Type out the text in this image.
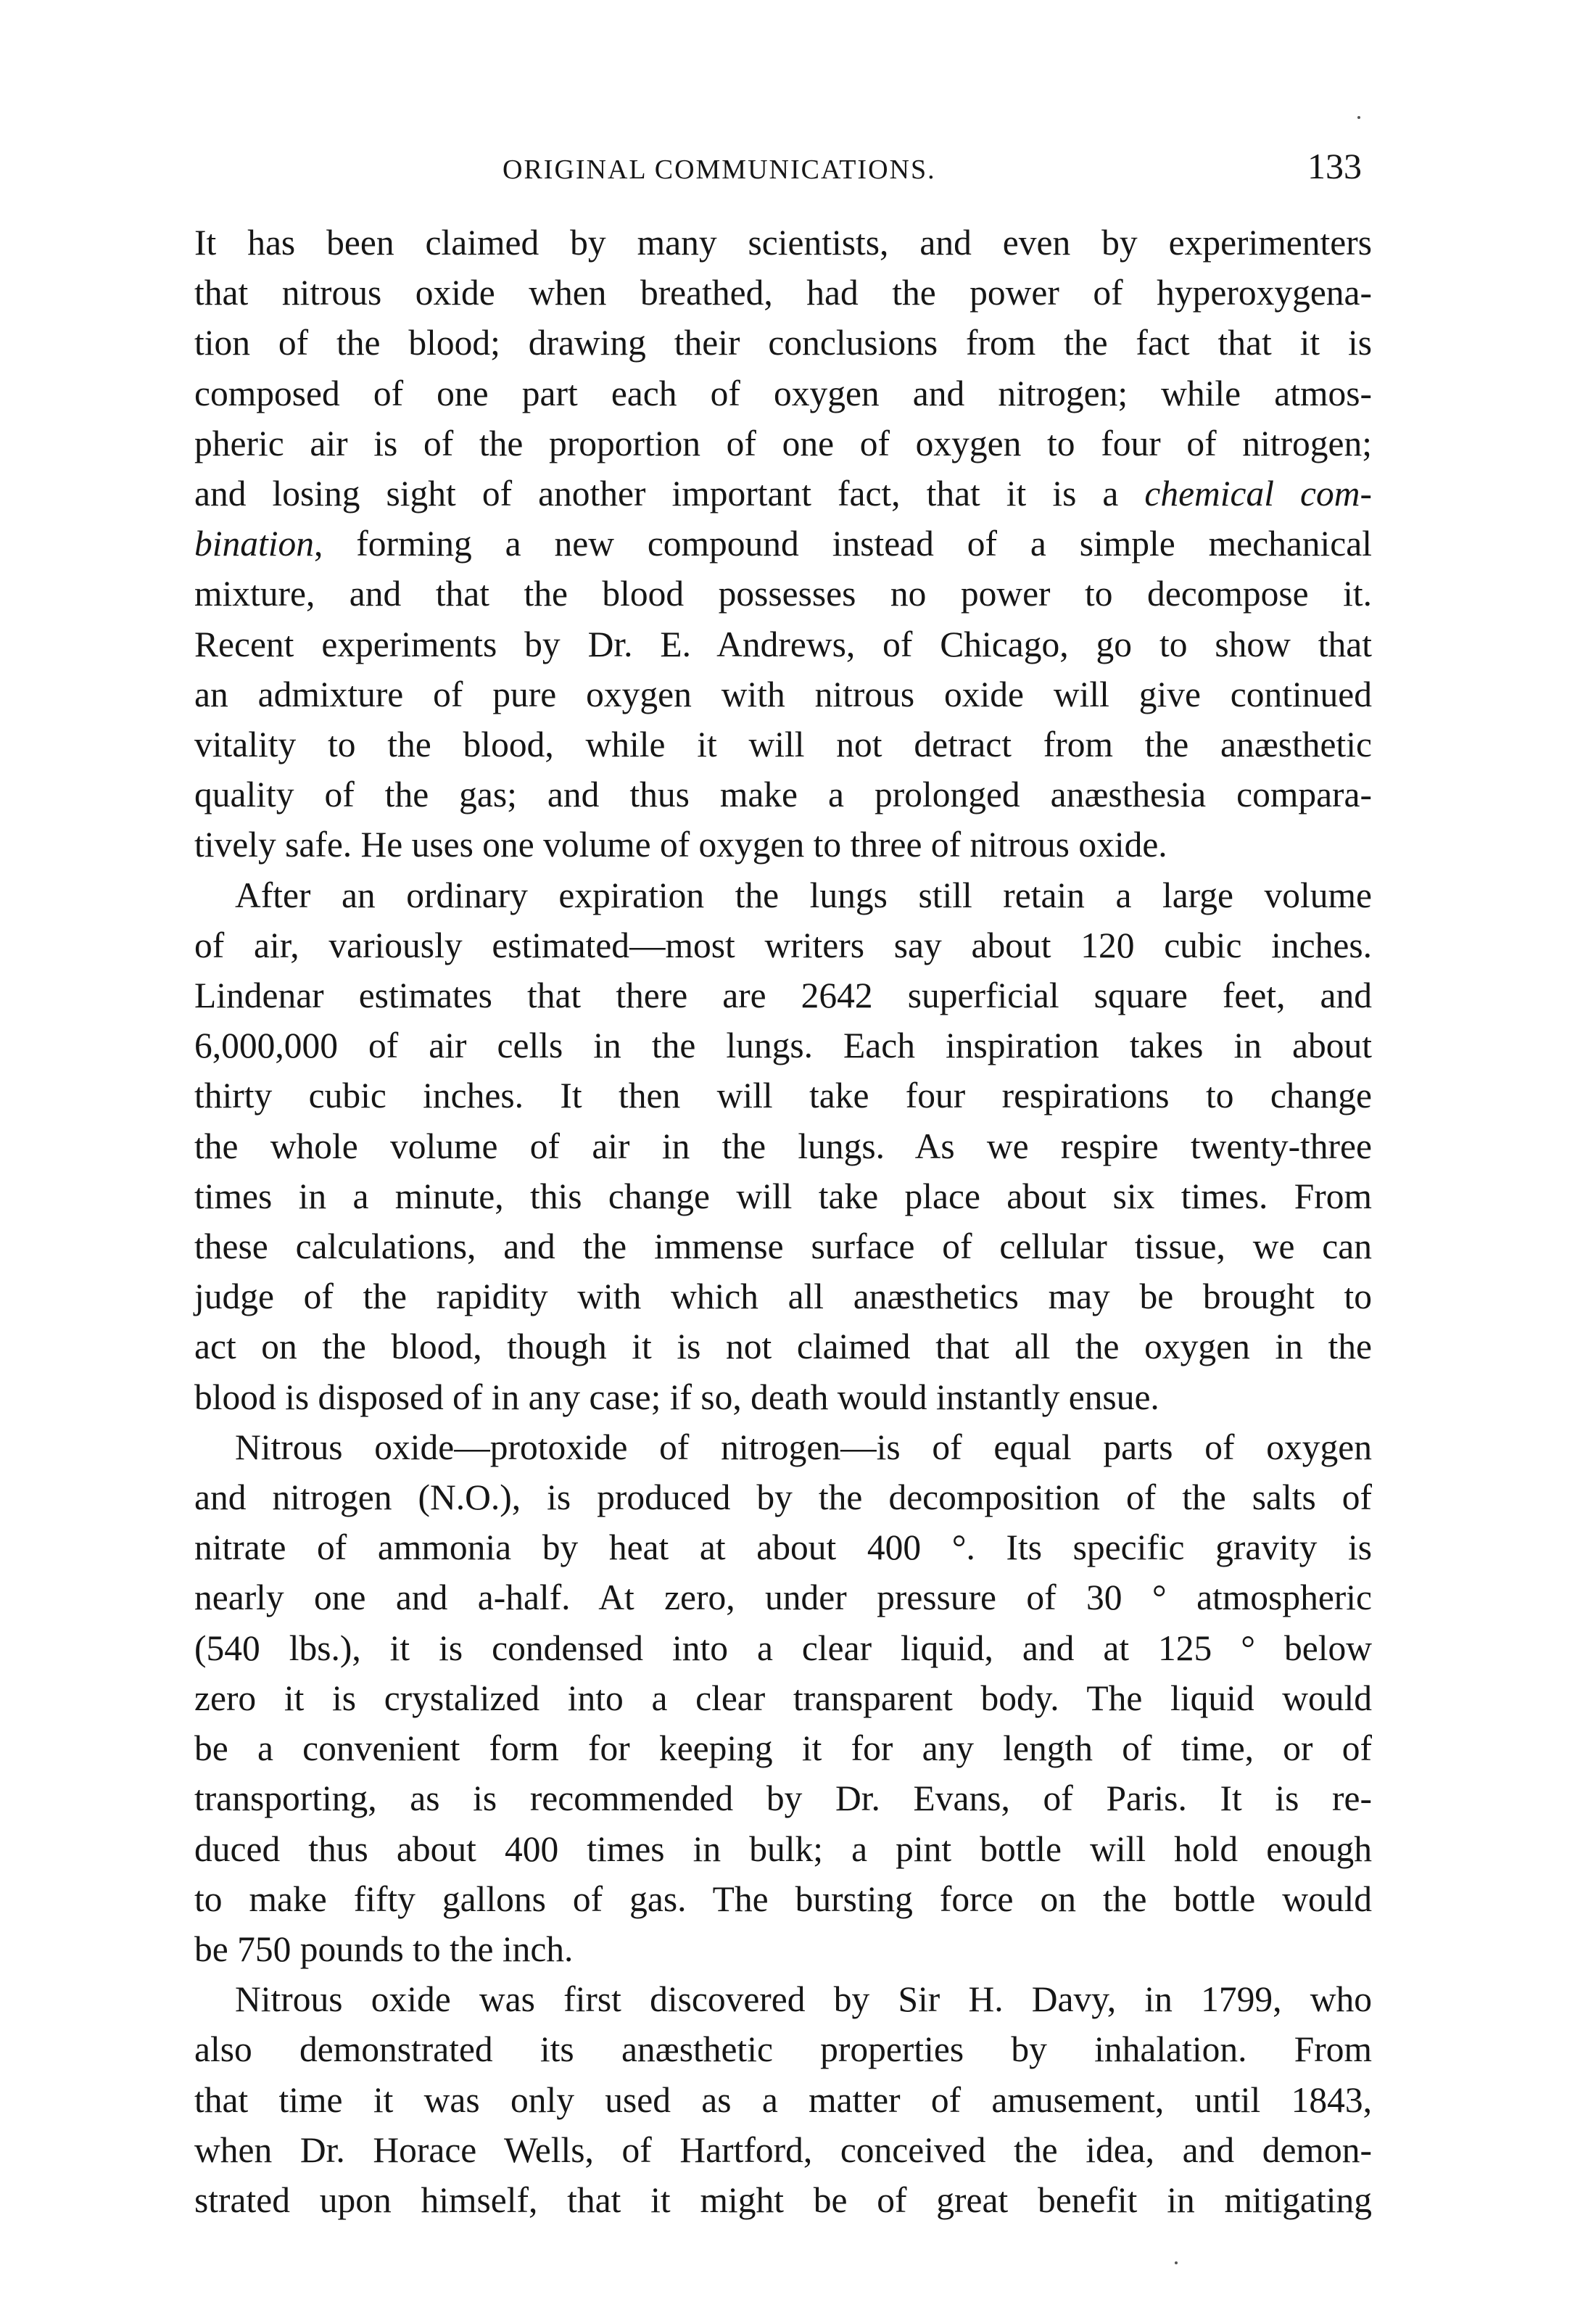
ORIGINAL COMMUNICATIONS.	133

It has been claimed by many scientists, and even by experimenters
that nitrous oxide when breathed, had the power of hyperoxygena-
tion of the blood; drawing their conclusions from the fact that it is
composed of one part each of oxygen and nitrogen; while atmos-
pheric air is of the proportion of one of oxygen to four of nitrogen;
and losing sight of another important fact, that it is a chemical com-
bination, forming a new compound instead of a simple mechanical
mixture, and that the blood possesses no power to decompose it.
Recent experiments by Dr. E. Andrews, of Chicago, go to show that
an admixture of pure oxygen with nitrous oxide will give continued
vitality to the blood, while it will not detract from the anæsthetic
quality of the gas; and thus make a prolonged anæsthesia compara-
tively safe. He uses one volume of oxygen to three of nitrous oxide.

After an ordinary expiration the lungs still retain a large volume
of air, variously estimated—most writers say about 120 cubic inches.
Lindenar estimates that there are 2642 superficial square feet, and
6,000,000 of air cells in the lungs. Each inspiration takes in about
thirty cubic inches. It then will take four respirations to change
the whole volume of air in the lungs. As we respire twenty-three
times in a minute, this change will take place about six times. From
these calculations, and the immense surface of cellular tissue, we can
judge of the rapidity with which all anæsthetics may be brought to
act on the blood, though it is not claimed that all the oxygen in the
blood is disposed of in any case; if so, death would instantly ensue.

Nitrous oxide—protoxide of nitrogen—is of equal parts of oxygen
and nitrogen (N.O.), is produced by the decomposition of the salts of
nitrate of ammonia by heat at about 400 °. Its specific gravity is
nearly one and a-half. At zero, under pressure of 30 ° atmospheric
(540 lbs.), it is condensed into a clear liquid, and at 125 ° below
zero it is crystalized into a clear transparent body. The liquid would
be a convenient form for keeping it for any length of time, or of
transporting, as is recommended by Dr. Evans, of Paris. It is re-
duced thus about 400 times in bulk; a pint bottle will hold enough
to make fifty gallons of gas. The bursting force on the bottle would
be 750 pounds to the inch.

Nitrous oxide was first discovered by Sir H. Davy, in 1799, who
also demonstrated its anæsthetic properties by inhalation. From
that time it was only used as a matter of amusement, until 1843,
when Dr. Horace Wells, of Hartford, conceived the idea, and demon-
strated upon himself, that it might be of great benefit in mitigating
